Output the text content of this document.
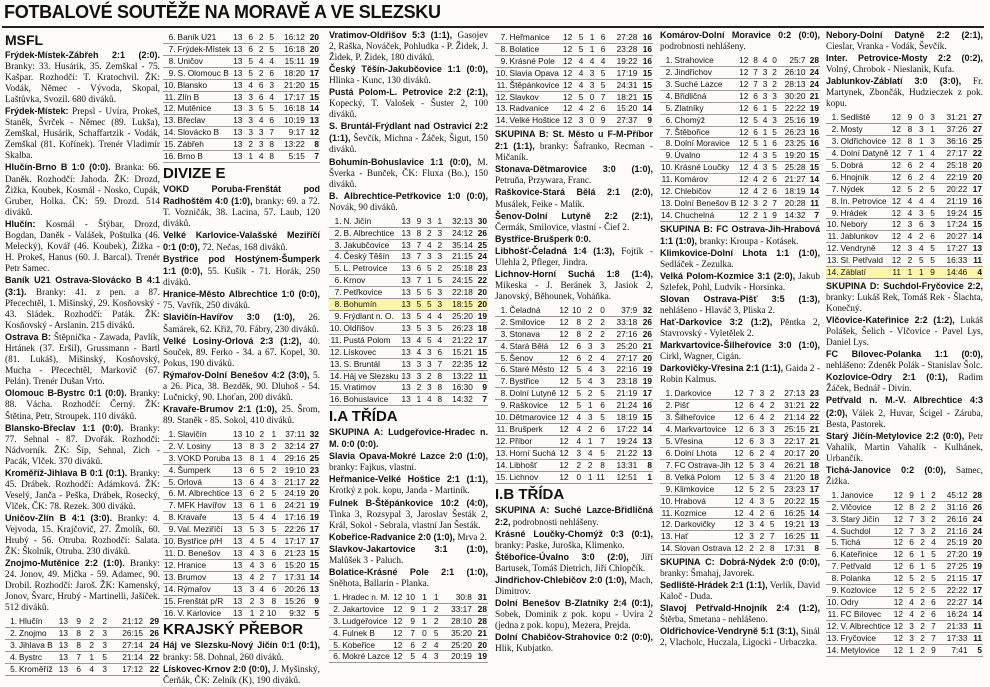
FOTBALOVÉ SOUTĚŽE NA MORAVĚ A VE SLEZSKU
MSFL

Frýdek-Místek-Zábřeh 2:1 (2:0). Branky: 33. Husárik, 35. Zemškal - 75. Kašpar. Rozhodčí: T. Kratochvil. ŽK: Vodák, Němec - Vývoda, Skopal, Laštůvka, Svozil. 680 diváků.

Frýdek-Místek: Prepsl - Uvíra, Prokeš, Staněk, Švrček - Němec (89. Lukša), Zemškal, Husárik, Schaffartzik - Vodák, Zemškal (81. Kořínek). Trenér Vladimír Skalba.

Hlučín-Brno B 1:0 (0:0). Branka: 66. Daněk. Rozhodčí: Jahoda. ŽK: Drozd, Žižka, Koubek, Kosmál - Nosko, Cupák, Gruber, Holka. ČK: 59. Drozd. 514 diváků.

Hlučín: Kosmál - Štýbar, Drozd, Bogdan, Daněk - Valášek, Poštulka (46. Melecký), Kovář (46. Koubek), Žižka - H. Prokeš, Hanus (60. J. Barcal). Trenér Petr Samec.

Baník U21 Ostrava-Slovácko B 4:1 (3:1). Branky: 41. z pen. a 87. Přecechtěl, 1. Mišinský, 29. Kosňovský - 43. Sládek. Rozhodčí: Paták. ŽK: Kosňovský - Arslanin. 215 diváků.

Ostrava B: Štěpnička - Zawada, Pavlík, Hrtánek (37. Eršil), Grussmann - Bartl (81. Lukáš), Mišinský, Kosňovský, Mucha - Přecechtěl, Markovič (67. Pelán). Trenér Dušan Vrto.

Olomouc B-Bystrc 0:1 (0:0). Branky: 88. Vácha. Rozhodčí: Černý. ŽK: Štětina, Petr, Stroupek. 110 diváků.

Blansko-Břeclav 1:1 (0:0). Branky: 77. Sehnal - 87. Dvořák. Rozhodčí: Nádvorník. ŽK: Šíp, Sehnal, Zich - Pacák, Vlček. 370 diváků.

Kroměříž-Jihlava B 0:1 (0:1). Branky: 45. Drábek. Rozhodčí: Adámková. ŽK: Veselý, Janča - Peška, Drábek, Rosecký, Vlček. ČK: 78. Rezek. 300 diváků.

Uničov-Zlín B 4:1 (3:0). Branky: 4. Vejvoda, 15. Krajčovič, 27. Žmolík, 60. Hrubý - 56. Otruba. Rozhodčí: Salata. ŽK: Školník, Otruba. 230 diváků.

Znojmo-Mutěnice 2:2 (1:0). Branky: 24. Jonov, 49. Mička - 59. Adamec, 90. Drobil. Rozhodčí: Jaroš. ŽK: Kamenský, Jonov, Švarc, Hrubý - Martinelli, Jašíček. 512 diváků.

1.	Hlučín	13	9	2	2	21:12	29
2.	Znojmo	13	8	2	3	26:15	26
3.	Jihlava B	13	8	2	3	27:14	24
4.	Bystrc	13	7	1	5	21:14	22
5.	Kroměříž	13	6	4	3	17:12	22
6.	Baník U21	13	6	2	5	16:12	20
7.	Frýdek-Místek	13	6	2	5	16:18	20
8.	Uničov	13	5	4	4	15:11	19
9.	S. Olomouc B	13	5	2	6	18:20	17
10.	Blansko	13	4	6	3	21:20	15
11.	Zlín B	13	3	6	4	17:17	15
12.	Mutěnice	13	3	5	5	16:18	14
13.	Břeclav	13	3	4	6	10:19	13
14.	Slovácko B	13	3	3	7	9:17	12
15.	Zábřeh	13	2	3	8	13:22	8
16.	Brno B	13	1	4	8	5:15	7
DIVIZE E

VOKD Poruba-Frenštát pod Radhoštěm 4:0 (1:0), branky: 69. a 72. T. Vozničák, 38. Lacina, 57. Laub, 120 diváků.

Velké Karlovice-Valašské Meziříčí 0:1 (0:0), 72. Nečas, 168 diváků.

Bystřice pod Hostýnem-Šumperk 1:1 (0:0), 55. Kušík - 71. Horák, 250 diváků.

Hranice-Město Albrechtice 1:0 (0:0), 75. Vavřík, 250 diváků.

Slavičín-Havířov 3:0 (1:0), 26. Šamárek, 62. Křiž, 70. Fábry, 230 diváků.

Velké Losiny-Orlová 2:3 (1:2), 40. Souček, 89. Ferko - 34. a 67. Kopel, 30. Pokus, 190 diváků.

Rýmařov-Dolní Benešov 4:2 (3:0), 5. a 26. Pica, 38. Bezděk, 90. Dluhoš - 54. Lučnický, 90. Lhoťan, 200 diváků.

Kravaře-Brumov 2:1 (1:0), 25. Šrom, 89. Staněk - 85. Sokol, 410 diváků.

1.	Slavičín	13	10	2	1	37:11	32
2.	V. Losiny	13	8	3	2	32:14	27
3.	VOKD Poruba	13	8	1	4	29:16	25
4.	Šumperk	13	6	5	2	19:10	23
5.	Orlová	13	6	4	3	21:17	22
6.	M. Albrechtice	13	6	2	5	24:19	20
7.	MFK Havířov	13	6	1	6	24:21	19
8.	Kravaře	13	5	4	4	17:16	19
9.	Val. Meziříčí	13	5	3	5	22:26	17
10.	Bystřice p/H	13	4	5	4	17:17	17
11.	D. Benešov	13	4	3	6	21:23	15
12.	Hranice	13	4	3	6	15:20	15
13.	Brumov	13	4	2	7	17:31	14
14.	Rýmařov	13	3	4	6	20:26	13
15.	Frenštát p/R	13	2	3	8	15:26	9
16.	V. Karlovice	13	1	2	10	9:32	5
KRAJSKÝ PŘEBOR

Háj ve Slezsku-Nový Jičín 0:1 (0:1), branky: 58. Dohnal, 260 diváků.

Lískovec-Krnov 2:0 (0:0), J. Myšinský, Čerňák, ČK: Zelník (K), 190 diváků.

Vratimov-Oldřišov 5:3 (1:1), Gasojev 2, Raška, Nováček, Pohludka - P. Židek, J. Židek, P. Židek, 180 diváků.

Český Těšín-Jakubčovice 1:1 (0:0), Hlinka - Kunc, 130 diváků.

Pustá Polom-L. Petrovice 2:2 (2:1), Kopecký, T. Valošek - Šuster 2, 100 diváků.

S. Bruntál-Frýdlant nad Ostravicí 2:2 (1:1), Ševčík, Michna - Žáček, Šigut, 150 diváků.

Bohumín-Bohuslavice 1:1 (0:0), M. Šverka - Bunček, ČK: Fluxa (Bo.), 150 diváků.

B. Albrechtice-Petřkovice 1:0 (0:0), Novák, 90 diváků.

1.	N. Jičín	13	9	3	1	32:13	30
2.	B. Albrechtice	13	8	2	3	24:12	26
3.	Jakubčovice	13	7	4	2	35:14	25
4.	Český Těšín	13	7	3	3	21:15	24
5.	L. Petrovice	13	6	5	2	25:18	23
6.	Krnov	13	7	1	5	24:15	22
7.	Petřkovice	13	5	5	3	22:18	20
8.	Bohumín	13	5	5	3	18:15	20
9.	Frýdlant n. O.	13	5	4	4	25:20	19
10.	Oldřišov	13	5	3	5	26:23	18
11.	Pustá Polom	13	4	5	4	21:22	17
12.	Lískovec	13	4	3	6	15:21	15
13.	S. Bruntál	13	3	3	7	22:35	12
14.	Háj ve Slezsku	13	3	2	8	13:22	11
15.	Vratimov	13	2	3	8	16:30	9
16.	Bohuslavice	13	1	4	8	14:32	7
I.A TŘÍDA

SKUPINA A: Ludgeřovice-Hradec n. M. 0:0 (0:0).

Slavia Opava-Mokré Lazce 2:0 (1:0), branky: Fajkus, vlastní.

Heřmanice-Velké Hoštice 2:1 (1:1), Krotký z pok. kopu, Janda - Martiník.

Fulnek B-Štěpánkovice 10:2 (4:0), Tinka 3, Rozsypal 3, Jaroslav Šesták 2, Král, Sokol - Sebrala, vlastní Jan Šesták.

Kobeřice-Radvanice 2:0 (1:0), Mrva 2.

Slavkov-Jakartovice 3:1 (1:0), Malůšek 3 - Paluch.

Bolatice-Krásné Pole 2:1 (1:0), Sněhota, Ballarin - Planka.

1.	Hradec n. M.	12	10	1	1	30:8	31
2.	Jakartovice	12	9	1	2	33:17	28
3.	Ludgeřovice	12	9	1	2	28:10	28
4.	Fulnek B	12	7	0	5	35:20	21
5.	Kobeřice	12	6	2	4	25:20	20
6.	Mokré Lazce	12	5	4	3	20:19	19
7.	Heřmanice	12	5	1	6	27:28	16
8.	Bolatice	12	5	1	6	23:28	16
9.	Krásné Pole	12	4	4	4	19:22	16
10.	Slavia Opava	12	4	3	5	17:19	15
11.	Štěpánkovice	12	4	3	5	24:31	15
12.	Slavkov	12	5	0	7	18:21	15
13.	Radvanice	12	4	2	6	15:20	14
14.	Velké Hoštice	12	3	0	9	27:37	9

SKUPINA B: St. Město u F-M-Příbor 2:1 (1:1), branky: Šafranko, Recman - Mičaník.

Stonava-Dětmarovice 3:0 (1:0), Petruňa, Przywara, Franc.

Raškovice-Stará Bělá 2:1 (2:0), Musálek, Feike - Malík.

Šenov-Dolní Lutyně 2:2 (2:1), Čermák, Smilovice, vlastní - Čief 2.

Bystřice-Brušperk 0:0.

Libhošť-Čeladná 1:4 (1:3), Fojtík - Ulehla 2, Pfleger, Jindra.

Lichnov-Horní Suchá 1:8 (1:4), Mikeska - J. Beránek 3, Jasiok 2, Janovský, Běhounek, Voháňka.

1.	Čeladná	12	10	2	0	37:9	32
2.	Smilovice	12	8	2	2	33:18	26
3.	Stonava	12	8	2	2	27:16	26
4.	Stará Bělá	12	6	3	3	25:20	21
5.	Šenov	12	6	2	4	27:17	20
6.	Staré Město	12	5	4	3	22:16	19
7.	Bystřice	12	5	4	3	23:18	19
8.	Dolní Lutyně	12	5	2	5	21:19	17
9.	Raškovice	12	5	1	6	21:24	16
10.	Dětmarovice	12	4	3	5	18:19	15
11.	Brušperk	12	4	2	6	17:22	14
12.	Příbor	12	4	1	7	19:24	13
13.	Horní Suchá	12	3	4	5	21:22	13
14.	Libhošť	12	2	2	8	13:31	8
15.	Lichnov	12	0	1	11	12:51	1
I.B TŘÍDA

SKUPINA A: Suché Lazce-Břidličná 2:2, podrobnosti nehlášeny.

Krásné Loučky-Chomýž 0:3 (0:1), branky: Paske, Juroška, Klimenko.

Štěbořice-Úvalno 3:0 (2:0), Jiří Bartusek, Tomáš Dietrich, Jiří Chlopčík.

Jindřichov-Chlebičov 2:0 (1:0), Mach, Dimitrov.

Dolní Benešov B-Zlatníky 2:4 (0:1), Sobek, Dominik z pok. kopu - Uvíra 2 (jedna z pok. kopu), Mezera, Prejda.

Dolní Chabičov-Strahovice 0:2 (0:0), Hlik, Kubjatko.

Komárov-Dolní Moravice 0:2 (0:0), podrobnosti nehlášeny.

1.	Strahovice	12	8	4	0	25:7	28
2.	Jindřichov	12	7	3	2	26:10	24
3.	Suché Lazce	12	7	3	2	28:13	24
4.	Břidličná	12	6	3	3	30:20	21
5.	Zlatníky	12	6	1	5	22:22	19
6.	Chomýž	12	5	4	3	25:16	19
7.	Štěbořice	12	6	1	5	26:23	16
8.	Dolní Moravice	12	5	1	6	23:25	16
9.	Úvalno	12	4	3	5	19:20	15
10.	Krásné Loučky	12	4	3	5	25:28	15
11.	Komárov	12	4	2	6	21:27	14
12.	Chlebičov	12	4	2	6	18:19	14
13.	Dolní Benešov B	12	3	2	7	20:28	11
14.	Chuchelná	12	2	1	9	14:32	7

SKUPINA B: FC Ostrava-Jih-Hrabová 1:1 (1:0), branky: Kroupa - Kotásek.

Klimkovice-Dolní Lhota 1:1 (1:0), Sedláček - Zezulka.

Velká Polom-Kozmice 3:1 (2:0), Jakub Szlefek, Pohl, Ludvík - Horsinka.

Slovan Ostrava-Pišť 3:5 (1:3), nehlášeno - Hlaváč 3, Pliska 2.

Hať-Darkovice 3:2 (1:2), Pěntka 2, Stavrovský - Vyletělek 2.

Markvartovice-Šilheřovice 3:0 (1:0), Cirkl, Wagner, Cigán.

Darkovičky-Vřesina 2:1 (1:1), Gaida 2 - Robin Kalmus.

1.	Darkovice	12	7	3	2	27:13	23
2.	Pišť	12	6	4	2	31:21	22
3.	Šilheřovice	12	6	4	2	21:14	22
4.	Markvartovice	12	6	3	3	25:15	21
5.	Vřesina	12	6	3	3	22:17	21
6.	Dolní Lhota	12	6	2	4	20:17	20
7.	FC Ostrava-Jih	12	5	3	4	26:21	18
8.	Velká Polom	12	5	3	4	21:20	18
9.	Klimkovice	12	5	2	5	23:23	17
10.	Hrabová	12	4	3	5	20:22	15
11.	Kozmice	12	4	2	6	16:25	14
12.	Darkovičky	12	3	4	5	19:21	13
13.	Hať	12	3	2	7	16:25	11
14.	Slovan Ostrava	12	2	2	8	17:31	8

SKUPINA C: Dobrá-Nýdek 2:0 (0:0), branky: Šmahaj, Javorek.

Sedliště-Hrádek 2:1 (1:1), Verlík, David Kaloč - Duda.

Slavoj Petřvald-Hnojník 2:4 (1:2), Štěrba, Smetana - nehlášeno.

Oldřichovice-Vendryně 5:1 (3:1), Sinál 2, Vlacholc, Huczala, Ligocki - Urbaczka.

Nebory-Dolní Datyně 2:2 (2:1), Cieslar, Vranka - Vodák, Ševčík.

Inter. Petrovice-Mosty 2:2 (0:2), Volný, Chrobok - Nieslanik, Kufa.

Jablunkov-Záblatí 3:0 (3:0), Fr. Martynek, Zbončák, Hudzieczek z pok. kopu.

1.	Sedliště	12	9	0	3	31:21	27
2.	Mosty	12	8	3	1	37:26	27
3.	Oldřichovice	12	8	1	3	36:16	25
4.	Dolní Datyně	12	7	1	4	27:17	22
5.	Dobrá	12	6	2	4	25:18	20
6.	Hnojník	12	6	2	4	22:19	20
7.	Nýdek	12	5	2	5	20:22	17
8.	In. Petrovice	12	4	4	4	21:19	16
9.	Hrádek	12	4	3	5	19:24	15
10.	Nebory	12	3	6	3	17:24	15
11.	Jablunkov	12	4	2	6	20:27	14
12.	Vendryně	12	3	4	5	17:27	13
13.	Sl. Petřvald	12	2	5	5	16:33	11
14.	Záblatí	11	1	1	9	14:46	4

SKUPINA D: Suchdol-Fryčovice 2:2, branky: Lukáš Rek, Tomáš Rek - Šlachta, Konečný.

Vlčovice-Kateřinice 2:2 (1:2), Lukáš Polášek, Šelich - Vlčovice - Pavel Lys, Daniel Lys.

FC Bílovec-Polanka 1:1 (0:0), nehlášeno: Zdeněk Polák - Stanislav Šolc.

Kozlovice-Odry 2:1 (0:1), Radim Žáček, Bednář - Divín.

Petřvald n. M.-V. Albrechtice 4:3 (2:0), Válek 2, Huvar, Šcigel - Záruba, Besta, Pastorek.

Starý Jičín-Metylovice 2:2 (0:0), Petr Vahalík, Martin Vahalík - Kulhánek, Urbančík.

Tichá-Janovice 0:2 (0:0), Samec, Žižka.

1.	Janovice	12	9	1	2	45:12	28
2.	Vlčovice	12	8	2	2	31:16	26
3.	Starý Jičín	12	7	3	2	26:16	24
4.	Suchdol	12	7	3	2	21:16	24
5.	Tichá	12	6	2	4	25:19	20
6.	Kateřinice	12	6	1	5	27:20	19
7.	Petřvald	12	6	1	5	27:25	19
8.	Polanka	12	5	2	5	21:15	17
9.	Kozlovice	12	5	2	5	22:22	17
10.	Odry	12	4	2	6	22:27	14
11.	FC Bílovec	12	4	2	6	16:24	14
12.	V. Albrechtice	12	3	2	7	21:33	11
13.	Fryčovice	12	3	2	7	17:33	11
14.	Metylovice	12	1	2	9	7:41	5
